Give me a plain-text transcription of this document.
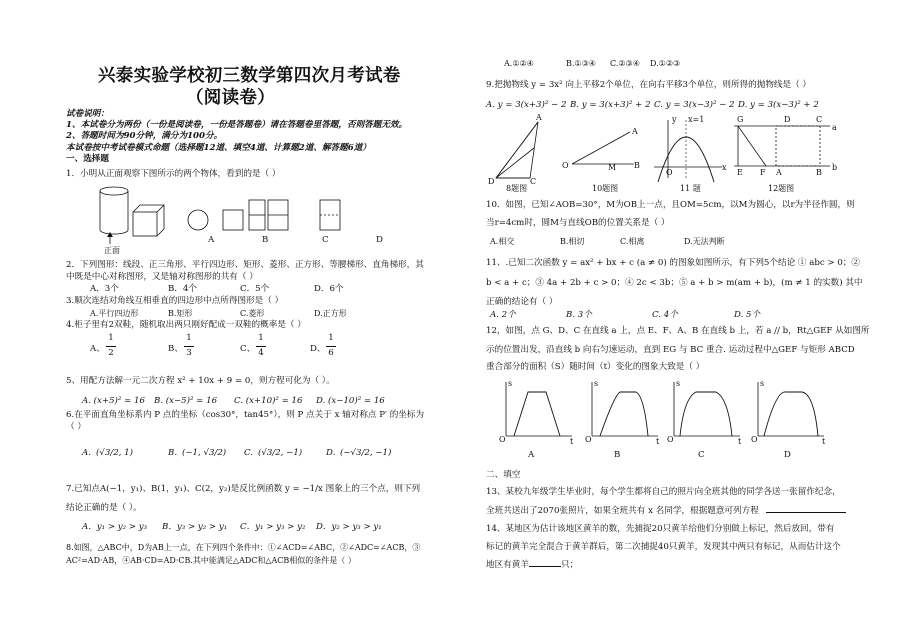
兴泰实验学校初三数学第四次月考试卷
（阅读卷）
试卷说明：
1、本试卷分为两份（一份是阅读卷，一份是答题卷）请在答题卷里答题，否则答题无效。
2、答题时间为90分钟，满分为100分。
本试卷按中考试卷模式命题（选择题12道、填空4道、计算题2道、解答题6道）
一、选择题
1．小明从正面观察下图所示的两个物体，看到的是（ ）
正面
A	B	C	D
2．下列图形：线段、正三角形、平行四边形、矩形、菱形、正方形、等腰梯形、直角梯形，其
中既是中心对称图形，又是轴对称图形的共有（ ）
A．3个	B．4个	C．5个	D．6个
3.顺次连结对角线互相垂直的四边形中点所得图形是（ ）
A.平行四边形	B.矩形	C.菱形	D.正方形
4.柜子里有2双鞋，随机取出两只刚好配成一双鞋的概率是（ ）
A、
1
2	B、
1
3	C、
1
4	D、
1
6
5、用配方法解一元二次方程 x² + 10x + 9 = 0，则方程可化为（ ）。
A. (x+5)² = 16 B. (x−5)² = 16 C. (x+10)² = 16 D. (x−10)² = 16
6.在平面直角坐标系内 P 点的坐标（cos30°，tan45°），则 P 点关于 x 轴对称点 P′ 的坐标为
（ ）
A. (√3/2, 1)	B. (−1, √3/2) C. (√3/2, −1)	D. (−√3/2, −1)
7.已知点A(−1，y₁)、B(1，y₁)、C(2，y₂)是反比例函数 y = −1/x 图象上的三个点，则下列
结论正确的是（ ）。
A．y₁ > y₂ > y₃ B．y₃ > y₂ > y₁ C．y₁ > y₃ > y₂ D．y₂ > y₃ > y₁
8.如图，△ABC中，D为AB上一点，在下列四个条件中：①∠ACD=∠ABC，②∠ADC=∠ACB，③
AC²=AD·AB，④AB·CD=AD·CB.其中能满足△ADC和△ACB相似的条件是（ ）
A.①②④	B.①③④ C.②③④ D.①②③
9.把抛物线 y = 3x² 向上平移2个单位，在向右平移3个单位，则所得的抛物线是（ ）
A. y = 3(x+3)² − 2 B. y = 3(x+3)² + 2 C. y = 3(x−3)² − 2 D. y = 3(x−3)² + 2
A
D	C
O
A
M B
y x=1
x
O
G	D	C
a
E F A	B
b
8题图	10题图	11 题	12题图
10．如图，已知∠AOB=30°，M为OB上一点，且OM=5cm，以M为圆心，以r为半径作圆，则
当r=4cm时，圆M与直线OB的位置关系是（ ）
A.相交	B.相切	C.相离	D.无法判断
11、.已知二次函数 y = ax² + bx + c (a ≠ 0) 的图象如图所示，有下列5个结论 ① abc > 0；②
b < a + c；③ 4a + 2b + c > 0；④ 2c < 3b；⑤ a + b > m(am + b)，(m ≠ 1 的实数) 其中
正确的结论有（ ）
A. 2个	B. 3个	C. 4个	D. 5个
12，如图，点 G、D、C 在直线 a 上，点 E、F、A、B 在直线 b 上，若 a // b，Rt△GEF 从如图所
示的位置出发，沿直线 b 向右匀速运动，直到 EG 与 BC 重合. 运动过程中△GEF 与矩形 ABCD
重合部分的面积（S）随时间（t）变化的图象大致是（ ）
s
O	t
s
O	t
s
O	t
s
O	t
A	B	C	D
二、填空
13、某校九年级学生毕业时，每个学生都将自己的照片向全班其他的同学各送一张留作纪念，
全班共送出了2070张照片，如果全班共有 x 名同学，根据题意可列方程
14、某地区为估计该地区黄羊的数，先捕捉20只黄羊给他们分别做上标记，然后放回，带有
标记的黄羊完全混合于黄羊群后，第二次捕捉40只黄羊，发现其中两只有标记，从而估计这个
地区有黄羊	只；
